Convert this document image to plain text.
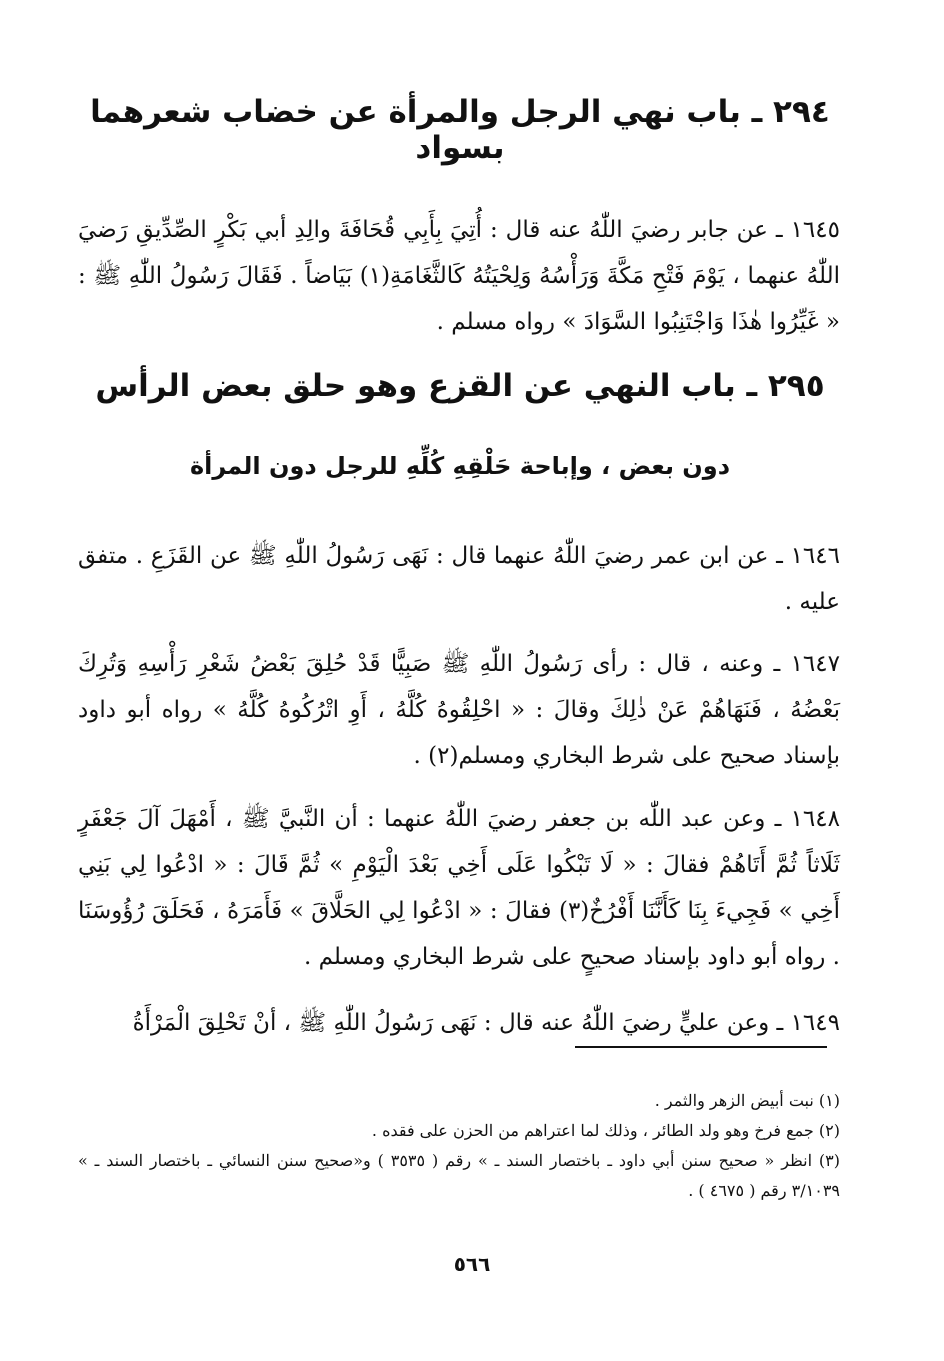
٢٩٤ ـ باب نهي الرجل والمرأة عن خضاب شعرهما بسواد

١٦٤٥ ـ عن جابر رضيَ اللّٰهُ عنه قال : أُتِيَ بِأَبِي قُحَافَةَ والِدِ أبي بَكْرٍ الصِّدِّيقِ رَضيَ اللّٰهُ عنهما ، يَوْمَ فَتْحِ مَكَّةَ وَرَأْسُهُ وَلِحْيَتُهُ كَالثَّغَامَةِ(١) بَيَاضاً . فَقَالَ رَسُولُ اللّٰهِ ﷺ : « غَيِّرُوا هٰذَا وَاجْتَنِبُوا السَّوَادَ » رواه مسلم .

٢٩٥ ـ باب النهي عن القزع وهو حلق بعض الرأس
دون بعض ، وإباحة حَلْقِهِ كُلِّهِ للرجل دون المرأة

١٦٤٦ ـ عن ابن عمر رضيَ اللّٰهُ عنهما قال : نَهَى رَسُولُ اللّٰهِ ﷺ عن القَزَعِ . متفق عليه .

١٦٤٧ ـ وعنه ، قال : رأى رَسُولُ اللّٰهِ ﷺ صَبِيًّا قَدْ حُلِقَ بَعْضُ شَعْرِ رَأْسِهِ وَتُرِكَ بَعْضُهُ ، فَنَهَاهُمْ عَنْ ذٰلِكَ وقالَ : « احْلِقُوهُ كُلَّهُ ، أَوِ اتْرُكُوهُ كُلَّهُ » رواه أبو داود بإسناد صحيح على شرط البخاري ومسلم(٢) .

١٦٤٨ ـ وعن عبد اللّٰه بن جعفر رضيَ اللّٰهُ عنهما : أن النَّبيَّ ﷺ ، أَمْهَلَ آلَ جَعْفَرٍ ثَلَاثاً ثُمَّ أَتَاهُمْ فقالَ : « لَا تَبْكُوا عَلَى أَخِي بَعْدَ الْيَوْمِ » ثُمَّ قَالَ : « ادْعُوا لِي بَنِي أَخِي » فَجِيءَ بِنَا كَأَنَّنَا أَفْرُخٌ(٣) فقالَ : « ادْعُوا لِي الحَلَّاقَ » فَأَمَرَهُ ، فَحَلَقَ رُؤُوسَنَا . رواه أبو داود بإسناد صحيحٍ على شرط البخاري ومسلم .

١٦٤٩ ـ وعن عليٍّ رضيَ اللّٰهُ عنه قال : نَهَى رَسُولُ اللّٰهِ ﷺ ، أنْ تَحْلِقَ الْمَرْأَةُ

(١) نبت أبيض الزهر والثمر .
(٢) جمع فرخ وهو ولد الطائر ، وذلك لما اعتراهم من الحزن على فقده .
(٣) انظر « صحيح سنن أبي داود ـ باختصار السند ـ » رقم ( ٣٥٣٥ ) و«صحيح سنن النسائي ـ باختصار السند ـ » ٣/١٠٣٩ رقم ( ٤٦٧٥ ) .
٥٦٦
